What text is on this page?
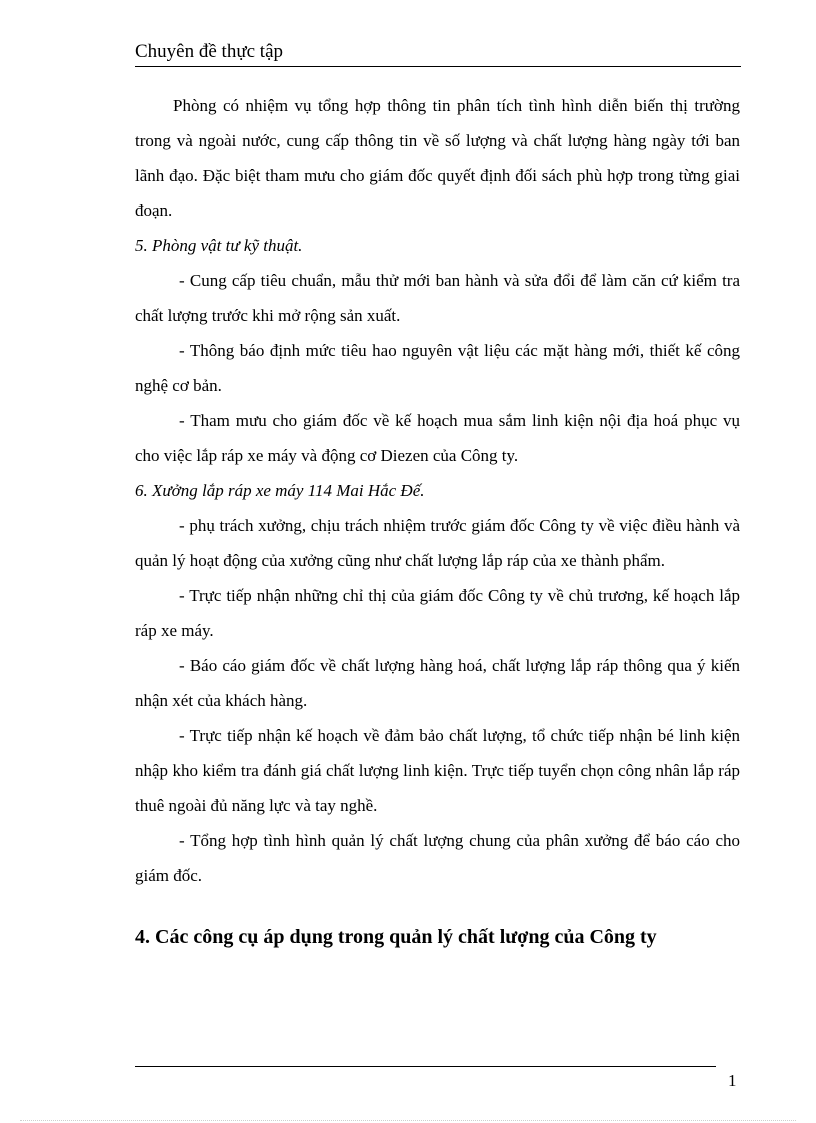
Chuyên đề thực tập

Phòng có nhiệm vụ tổng hợp thông tin phân tích tình hình diễn biến thị trường trong và ngoài nước, cung cấp thông tin về số lượng và chất lượng hàng ngày tới ban lãnh đạo. Đặc biệt tham mưu cho giám đốc quyết định đối sách phù hợp trong từng giai đoạn.

5. Phòng vật tư kỹ thuật.

- Cung cấp tiêu chuẩn, mẫu thử mới ban hành và sửa đổi để làm căn cứ kiểm tra chất lượng trước khi mở rộng sản xuất.

- Thông báo định mức tiêu hao nguyên vật liệu các mặt hàng mới, thiết kế công nghệ cơ bản.

- Tham mưu cho giám đốc về kế hoạch mua sắm linh kiện nội địa hoá phục vụ cho việc lắp ráp xe máy và động cơ Diezen của Công ty.

6. Xưởng lắp ráp xe máy 114 Mai Hắc Đế.

- phụ trách xưởng, chịu trách nhiệm trước giám đốc Công ty về việc điều hành và quản lý hoạt động của xưởng cũng như chất lượng lắp ráp của xe thành phẩm.

- Trực tiếp nhận những chỉ thị của giám đốc Công ty về chủ trương, kế hoạch lắp ráp xe máy.

- Báo cáo giám đốc về chất lượng hàng hoá, chất lượng lắp ráp thông qua ý kiến nhận xét của khách hàng.

- Trực tiếp nhận kế hoạch về đảm bảo chất lượng, tổ chức tiếp nhận bé linh kiện nhập kho kiểm tra đánh giá chất lượng linh kiện. Trực tiếp tuyển chọn công nhân lắp ráp thuê ngoài đủ năng lực và tay nghề.

- Tổng hợp tình hình quản lý chất lượng chung của phân xưởng để báo cáo cho giám đốc.

4. Các công cụ áp dụng trong quản lý chất lượng của Công ty
1
